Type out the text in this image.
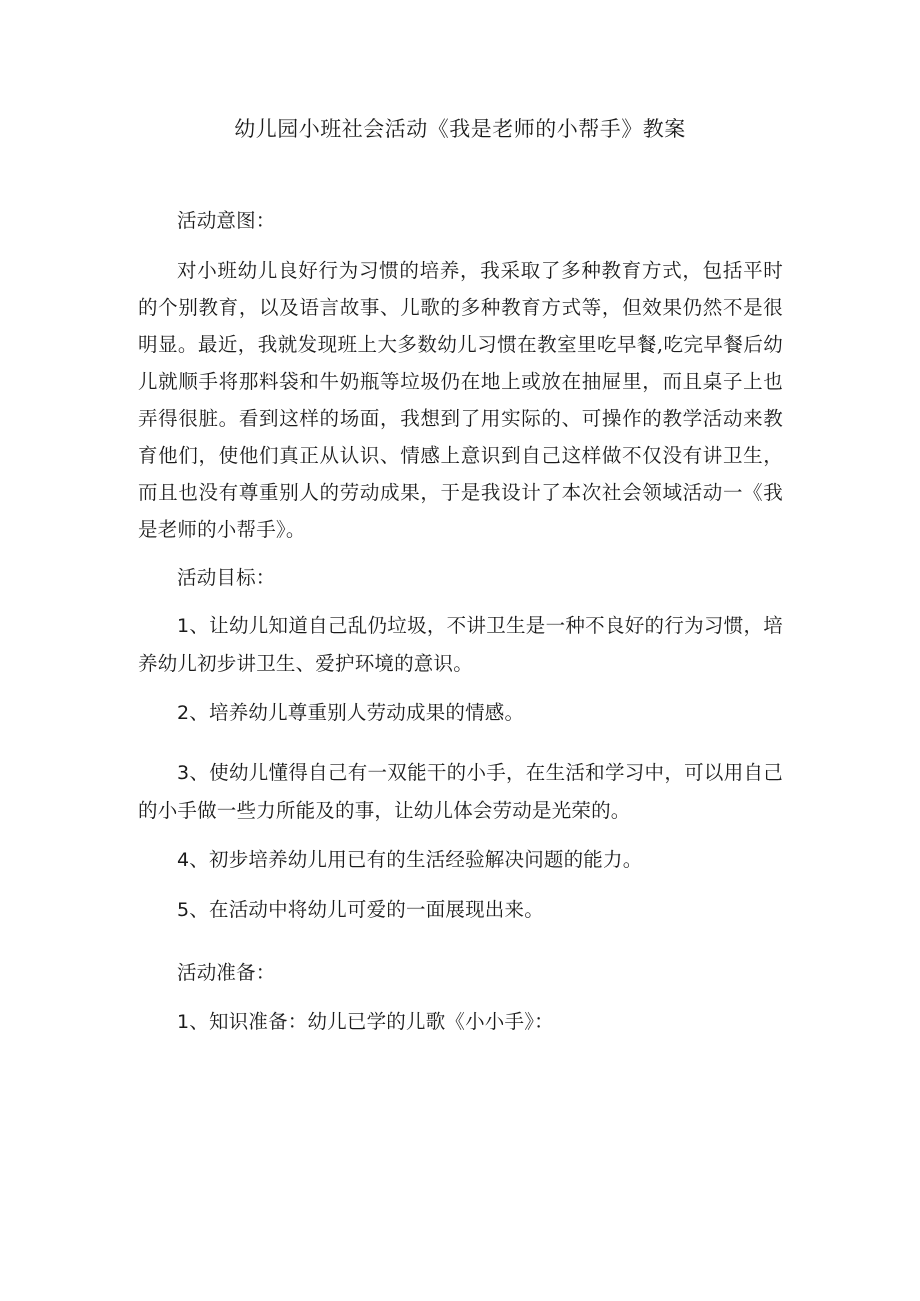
幼儿园小班社会活动《我是老师的小帮手》教案

活动意图：

对小班幼儿良好行为习惯的培养，我采取了多种教育方式，包括平时的个别教育，以及语言故事、儿歌的多种教育方式等，但效果仍然不是很明显。最近，我就发现班上大多数幼儿习惯在教室里吃早餐,吃完早餐后幼儿就顺手将那料袋和牛奶瓶等垃圾仍在地上或放在抽屉里，而且桌子上也弄得很脏。看到这样的场面，我想到了用实际的、可操作的教学活动来教育他们，使他们真正从认识、情感上意识到自己这样做不仅没有讲卫生，而且也没有尊重别人的劳动成果，于是我设计了本次社会领域活动一《我是老师的小帮手》。

活动目标：

1、让幼儿知道自己乱仍垃圾，不讲卫生是一种不良好的行为习惯，培养幼儿初步讲卫生、爱护环境的意识。

2、培养幼儿尊重别人劳动成果的情感。

3、使幼儿懂得自己有一双能干的小手，在生活和学习中，可以用自己的小手做一些力所能及的事，让幼儿体会劳动是光荣的。

4、初步培养幼儿用已有的生活经验解决问题的能力。

5、在活动中将幼儿可爱的一面展现出来。

活动准备：

1、知识准备：幼儿已学的儿歌《小小手》：
